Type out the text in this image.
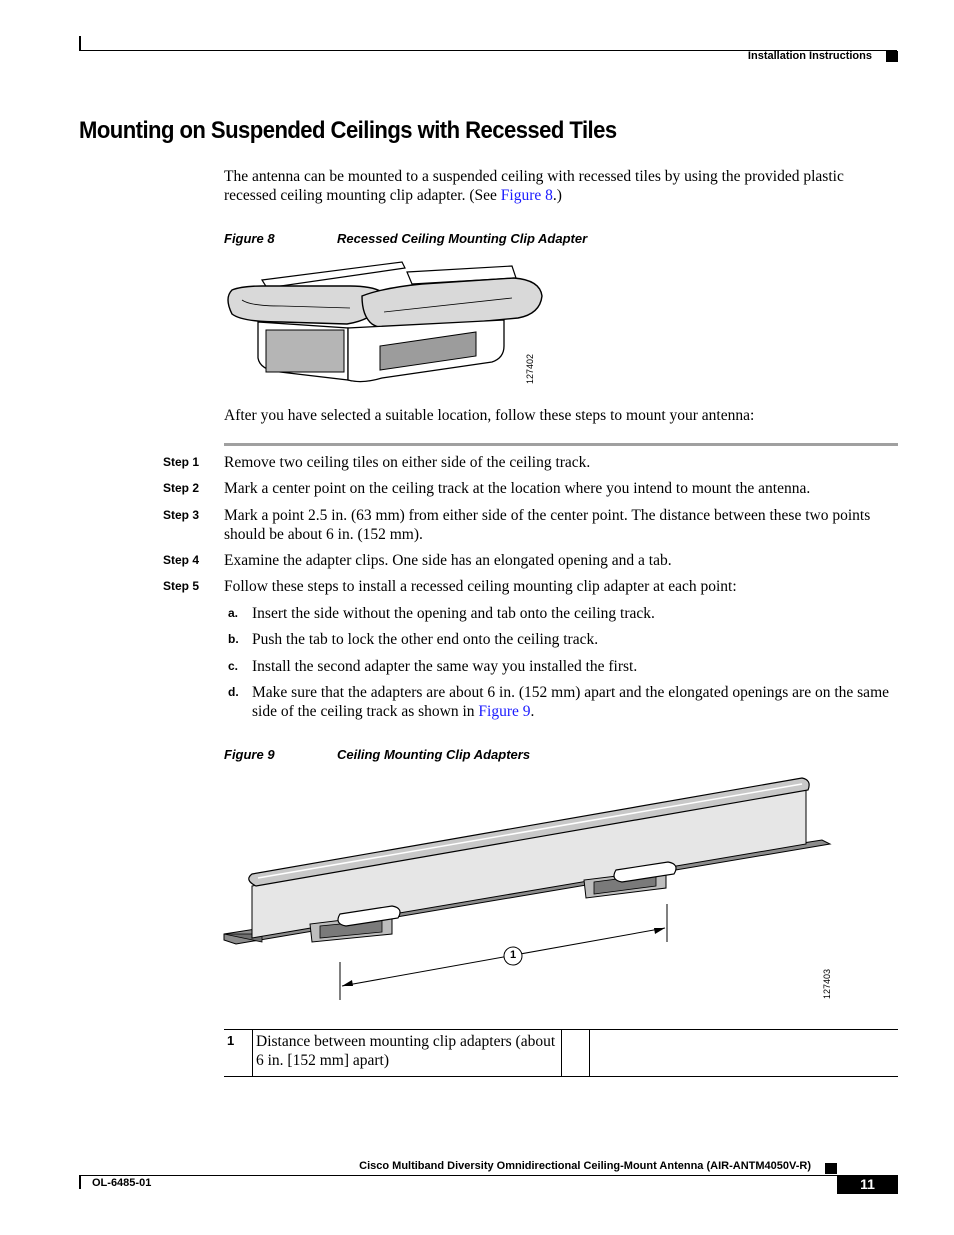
Installation Instructions
Mounting on Suspended Ceilings with Recessed Tiles
The antenna can be mounted to a suspended ceiling with recessed tiles by using the provided plastic recessed ceiling mounting clip adapter. (See Figure 8.)
Figure 8	Recessed Ceiling Mounting Clip Adapter
127402
After you have selected a suitable location, follow these steps to mount your antenna:
Step 1 Remove two ceiling tiles on either side of the ceiling track.
Step 2 Mark a center point on the ceiling track at the location where you intend to mount the antenna.
Step 3 Mark a point 2.5 in. (63 mm) from either side of the center point. The distance between these two points should be about 6 in. (152 mm).
Step 4 Examine the adapter clips. One side has an elongated opening and a tab.
Step 5 Follow these steps to install a recessed ceiling mounting clip adapter at each point:
a. Insert the side without the opening and tab onto the ceiling track.
b. Push the tab to lock the other end onto the ceiling track.
c. Install the second adapter the same way you installed the first.
d. Make sure that the adapters are about 6 in. (152 mm) apart and the elongated openings are on the same side of the ceiling track as shown in Figure 9.
Figure 9	Ceiling Mounting Clip Adapters
1
127403
1 Distance between mounting clip adapters (about 6 in. [152 mm] apart)
Cisco Multiband Diversity Omnidirectional Ceiling-Mount Antenna (AIR-ANTM4050V-R)
OL-6485-01	11
